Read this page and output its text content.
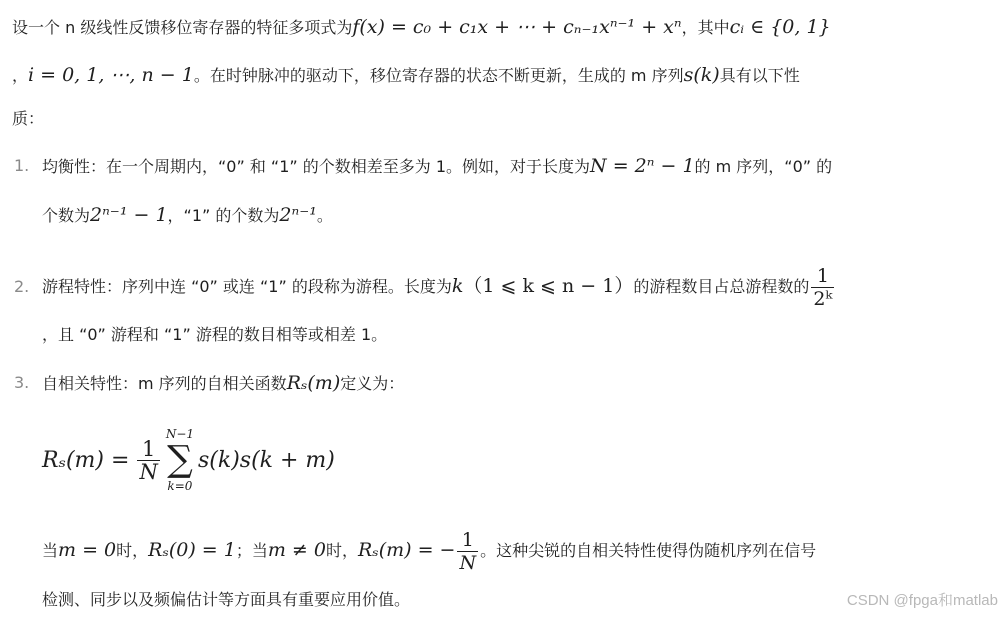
设一个 n 级线性反馈移位寄存器的特征多项式为f(x) = c₀ + c₁x + ⋯ + cₙ₋₁xⁿ⁻¹ + xⁿ，其中cᵢ ∈ {0, 1}
，i = 0, 1, ⋯, n − 1。在时钟脉冲的驱动下，移位寄存器的状态不断更新，生成的 m 序列s(k)具有以下性
质：
1. 均衡性：在一个周期内，“0” 和 “1” 的个数相差至多为 1。例如，对于长度为N = 2ⁿ − 1的 m 序列，“0” 的
个数为2ⁿ⁻¹ − 1，“1” 的个数为2ⁿ⁻¹。
2. 游程特性：序列中连 “0” 或连 “1” 的段称为游程。长度为k（1 ⩽ k ⩽ n − 1）的游程数目占总游程数的 $\frac{1}{\text{2ᵏ}}$
，且 “0” 游程和 “1” 游程的数目相等或相差 1。
3. 自相关特性：m 序列的自相关函数Rₛ(m)定义为：
$R_s(m) = \frac{1}{N}$
N−1
∑
k=0
s(k)s(k + m)
当m = 0时，Rₛ(0) = 1；当m ≠ 0时，Rₛ(m) = − $\frac{1}{N}$ 。这种尖锐的自相关特性使得伪随机序列在信号
检测、同步以及频偏估计等方面具有重要应用价值。	CSDN @fpga和matlab
